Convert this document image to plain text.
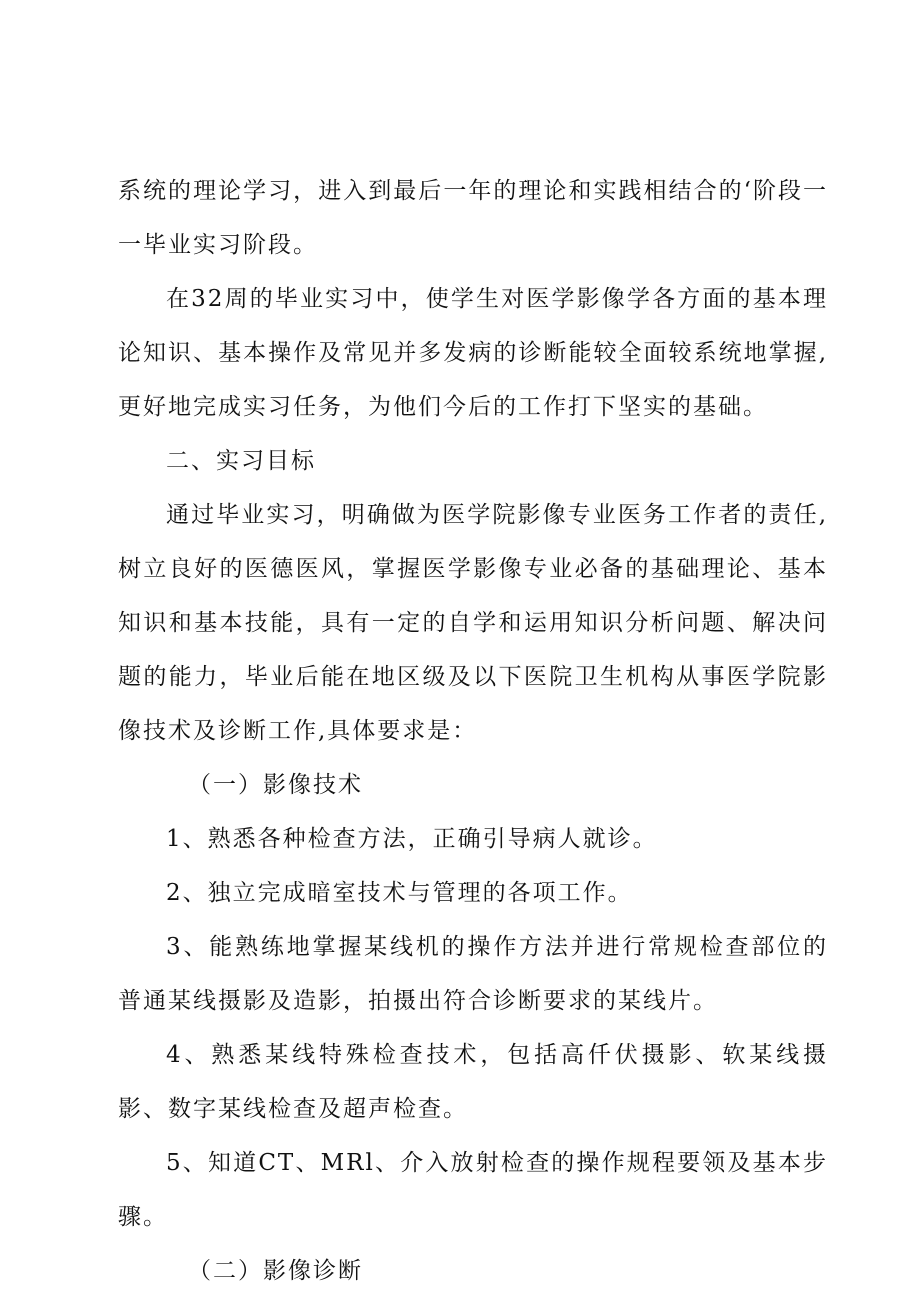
系统的理论学习，进入到最后一年的理论和实践相结合的‘阶段一一毕业实习阶段。

在32周的毕业实习中，使学生对医学影像学各方面的基本理论知识、基本操作及常见并多发病的诊断能较全面较系统地掌握,更好地完成实习任务，为他们今后的工作打下坚实的基础。

二、实习目标

通过毕业实习，明确做为医学院影像专业医务工作者的责任,树立良好的医德医风，掌握医学影像专业必备的基础理论、基本知识和基本技能，具有一定的自学和运用知识分析问题、解决问题的能力，毕业后能在地区级及以下医院卫生机构从事医学院影像技术及诊断工作,具体要求是：

（一）影像技术

1、熟悉各种检查方法，正确引导病人就诊。

2、独立完成暗室技术与管理的各项工作。

3、能熟练地掌握某线机的操作方法并进行常规检查部位的普通某线摄影及造影，拍摄出符合诊断要求的某线片。

4、熟悉某线特殊检查技术，包括高仟伏摄影、软某线摄影、数字某线检查及超声检查。

5、知道CT、MRl、介入放射检查的操作规程要领及基本步骤。

（二）影像诊断
